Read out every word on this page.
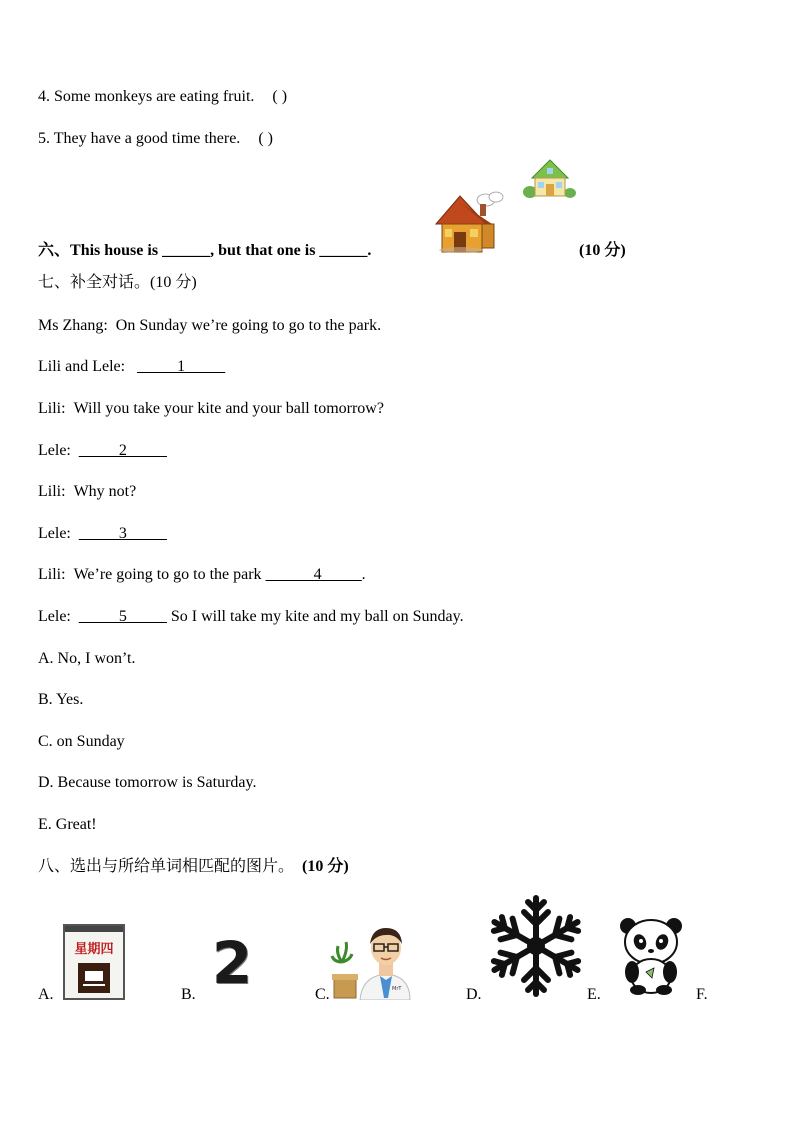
4. Some monkeys are eating fruit. ( )
5. They have a good time there. ( )
六、This house is ______, but that one is ______.	(10 分)
七、补全对话。(10 分)
Ms Zhang: On Sunday we’re going to go to the park.
Lili and Lele: _____1_____
Lili: Will you take your kite and your ball tomorrow?
Lele: _____2_____
Lili: Why not?
Lele: _____3_____
Lili: We’re going to go to the park ______4_____.
Lele: _____5_____ So I will take my kite and my ball on Sunday.
A. No, I won’t.
B. Yes.
C. on Sunday
D. Because tomorrow is Saturday.
E. Great!
八、选出与所给单词相匹配的图片。 (10 分)
A.	B.	C.	D.	E.	F.
星期四 2	MrT
